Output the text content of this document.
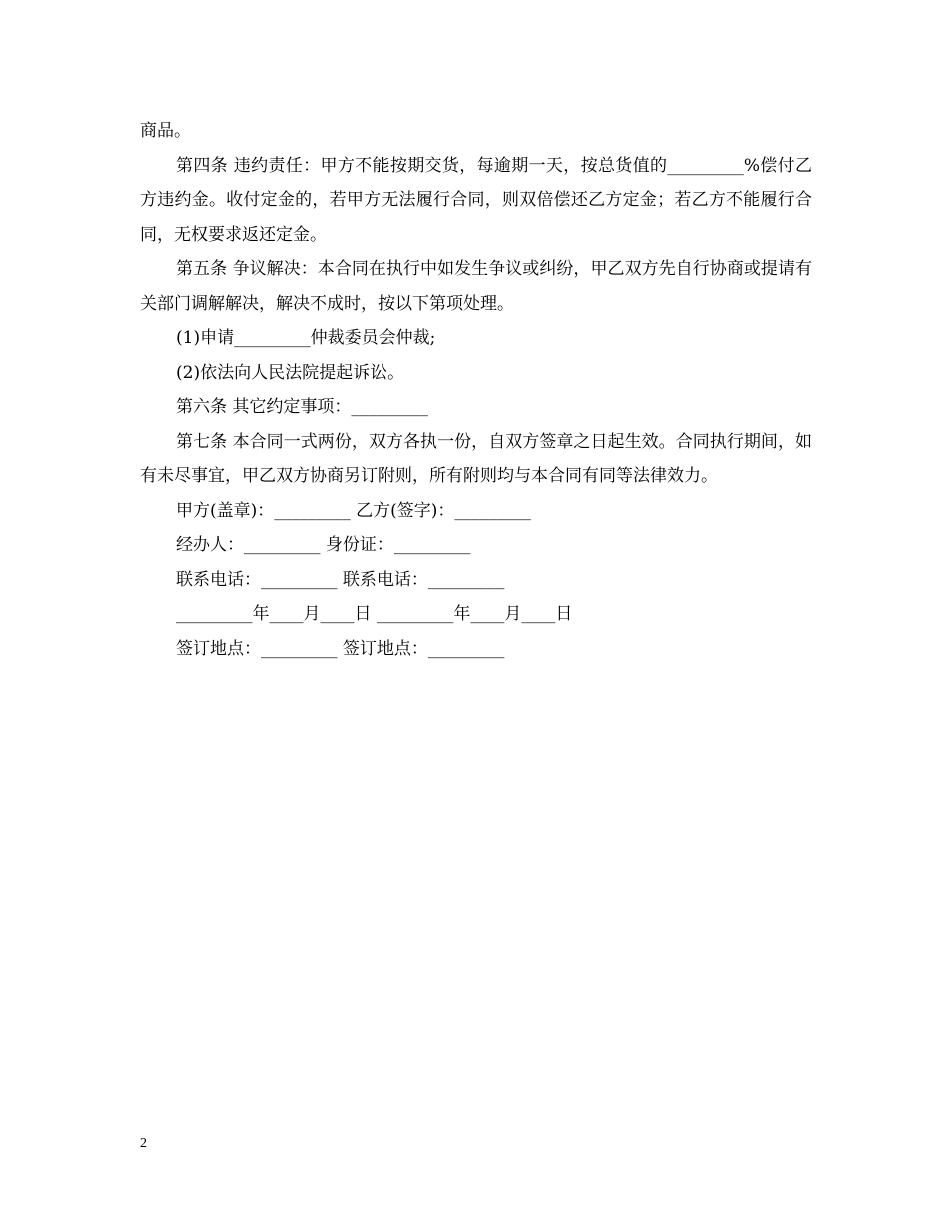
商品。

第四条 违约责任：甲方不能按期交货，每逾期一天，按总货值的_________%偿付乙方违约金。收付定金的，若甲方无法履行合同，则双倍偿还乙方定金；若乙方不能履行合同，无权要求返还定金。

第五条 争议解决：本合同在执行中如发生争议或纠纷，甲乙双方先自行协商或提请有关部门调解解决，解决不成时，按以下第项处理。

(1)申请_________仲裁委员会仲裁;

(2)依法向人民法院提起诉讼。

第六条 其它约定事项：_________

第七条 本合同一式两份，双方各执一份，自双方签章之日起生效。合同执行期间，如有未尽事宜，甲乙双方协商另订附则，所有附则均与本合同有同等法律效力。

甲方(盖章)：_________ 乙方(签字)：_________

经办人：_________ 身份证：_________

联系电话：_________ 联系电话：_________

_________年____月____日 _________年____月____日

签订地点：_________ 签订地点：_________

2
